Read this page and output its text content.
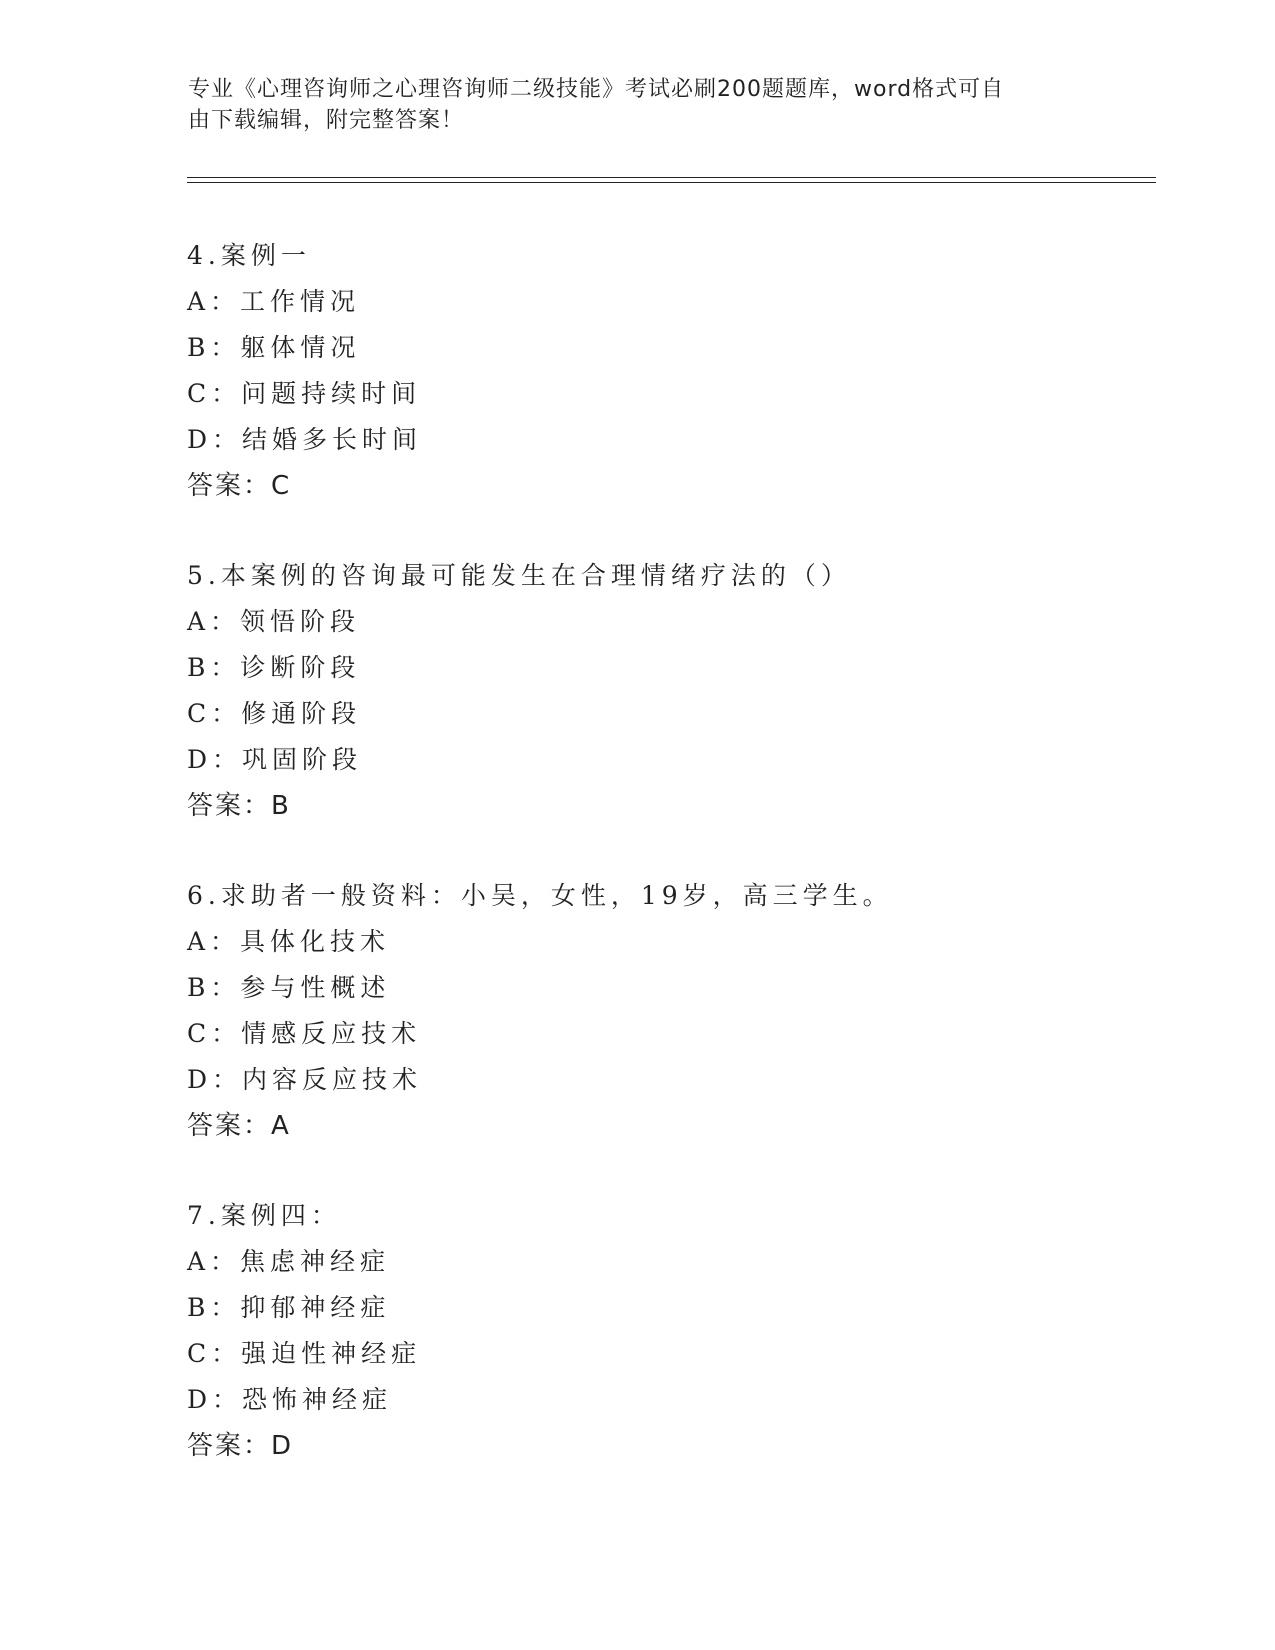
专业《心理咨询师之心理咨询师二级技能》考试必刷200题题库，word格式可自
由下载编辑，附完整答案！
4.案例一
A：工作情况
B：躯体情况
C：问题持续时间
D：结婚多长时间
答案：C
5.本案例的咨询最可能发生在合理情绪疗法的（）
A：领悟阶段
B：诊断阶段
C：修通阶段
D：巩固阶段
答案：B
6.求助者一般资料：小吴，女性，19岁，高三学生。
A：具体化技术
B：参与性概述
C：情感反应技术
D：内容反应技术
答案：A
7.案例四：
A：焦虑神经症
B：抑郁神经症
C：强迫性神经症
D：恐怖神经症
答案：D
